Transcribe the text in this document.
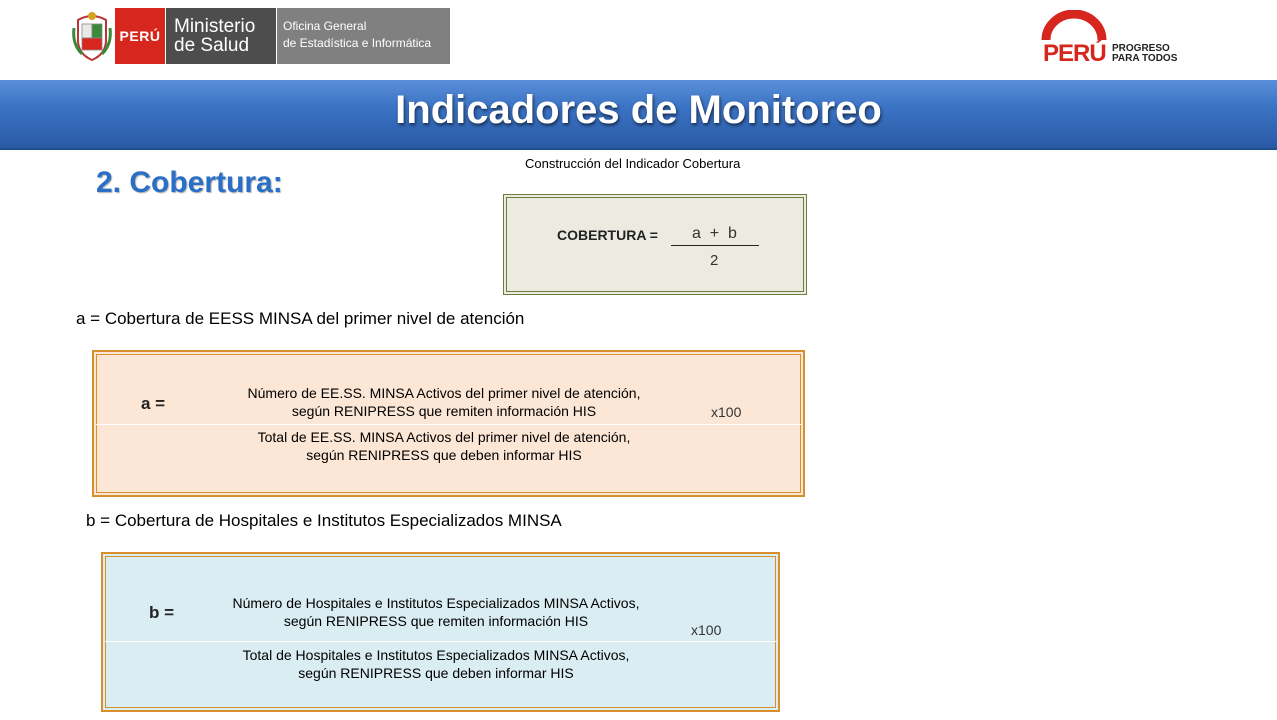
PERÚ Ministerio
de Salud
Oficina General
de Estadística e Informática	PERÚ PROGRESO
PARA TODOS
Indicadores de Monitoreo
2. Cobertura:
Construcción del Indicador Cobertura
COBERTURA = a  +  b
2
a = Cobertura de EESS MINSA del primer nivel de atención
a =
Número de EE.SS. MINSA Activos del primer nivel de atención,
según RENIPRESS que remiten información HIS
Total de EE.SS. MINSA Activos del primer nivel de atención,
según RENIPRESS que deben informar HIS
x100
b = Cobertura de Hospitales e Institutos Especializados MINSA
b =	Número de Hospitales e Institutos Especializados MINSA Activos,
según RENIPRESS que remiten información HIS
Total de Hospitales e Institutos Especializados MINSA Activos,
según RENIPRESS que deben informar HIS
x100
